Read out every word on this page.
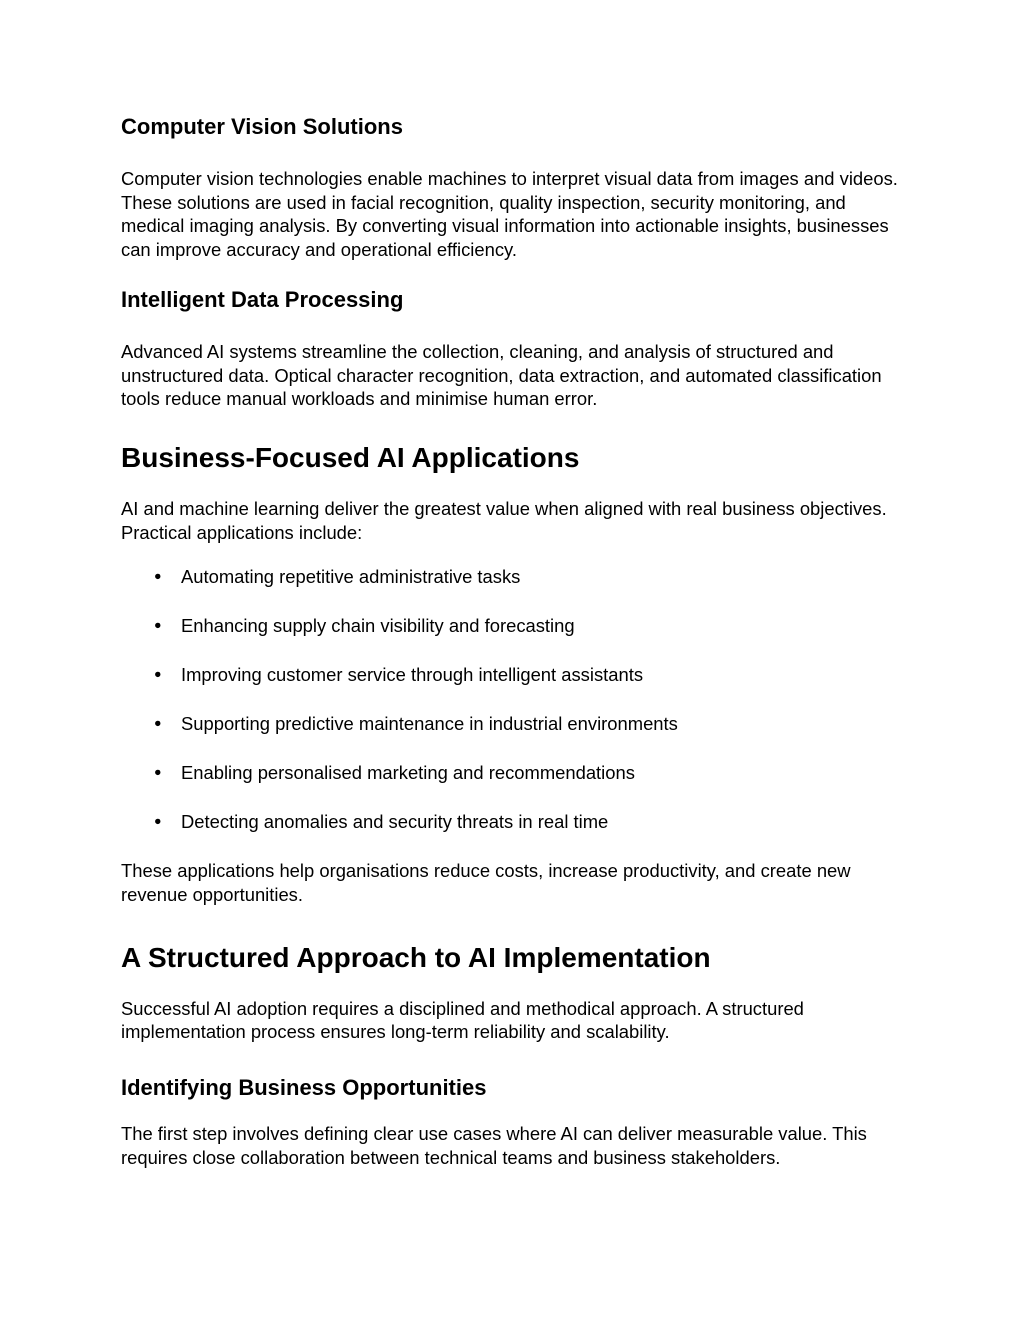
Computer Vision Solutions

Computer vision technologies enable machines to interpret visual data from images and videos. These solutions are used in facial recognition, quality inspection, security monitoring, and medical imaging analysis. By converting visual information into actionable insights, businesses can improve accuracy and operational efficiency.

Intelligent Data Processing

Advanced AI systems streamline the collection, cleaning, and analysis of structured and unstructured data. Optical character recognition, data extraction, and automated classification tools reduce manual workloads and minimise human error.

Business-Focused AI Applications

AI and machine learning deliver the greatest value when aligned with real business objectives. Practical applications include:

● Automating repetitive administrative tasks
● Enhancing supply chain visibility and forecasting
● Improving customer service through intelligent assistants
● Supporting predictive maintenance in industrial environments
● Enabling personalised marketing and recommendations
● Detecting anomalies and security threats in real time

These applications help organisations reduce costs, increase productivity, and create new revenue opportunities.

A Structured Approach to AI Implementation

Successful AI adoption requires a disciplined and methodical approach. A structured implementation process ensures long-term reliability and scalability.

Identifying Business Opportunities

The first step involves defining clear use cases where AI can deliver measurable value. This requires close collaboration between technical teams and business stakeholders.
